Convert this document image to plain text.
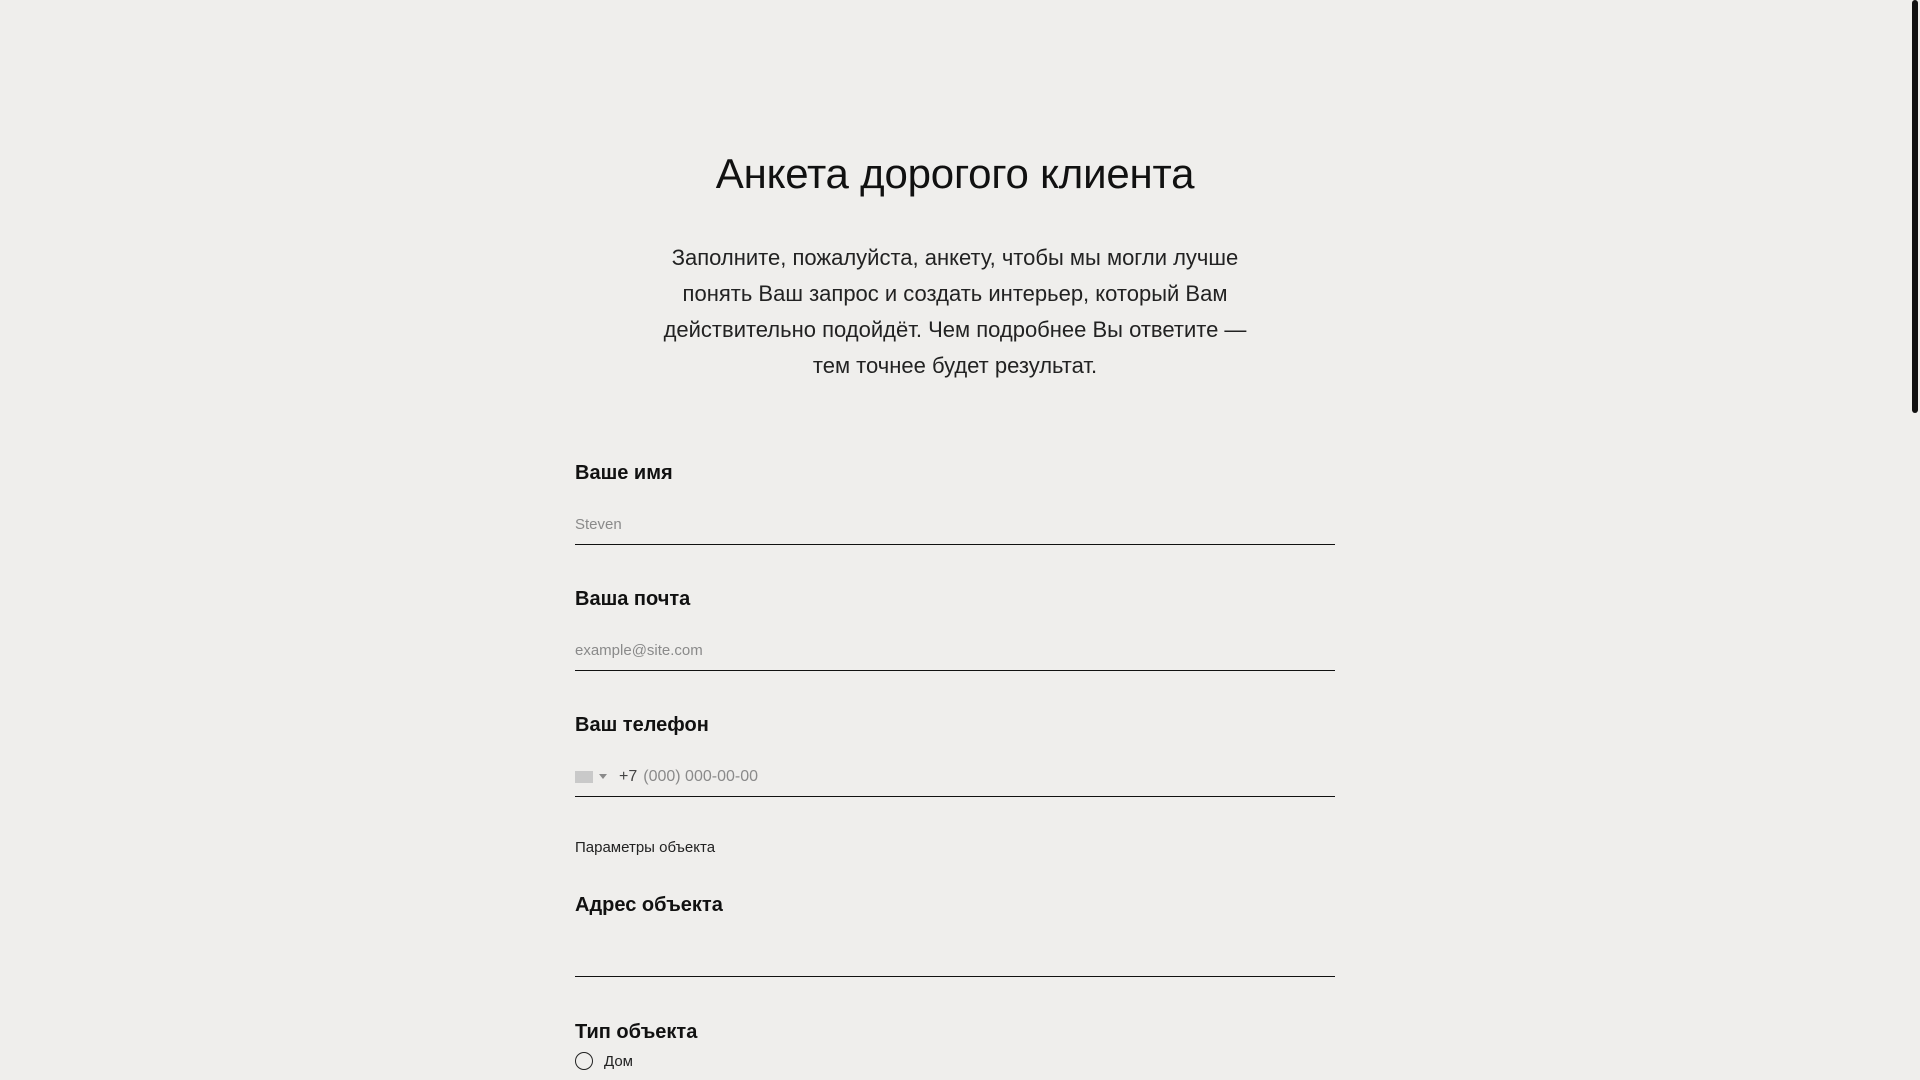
Анкета дорогого клиента

Заполните, пожалуйста, анкету, чтобы мы могли лучше понять Ваш запрос и создать интерьер, который Вам действительно подойдёт. Чем подробнее Вы ответите — тем точнее будет результат.

Ваше имя
Steven
Ваша почта
example@site.com
Ваш телефон
+7
(000) 000-00-00
Параметры объекта
Адрес объекта
Тип объекта
Дом
